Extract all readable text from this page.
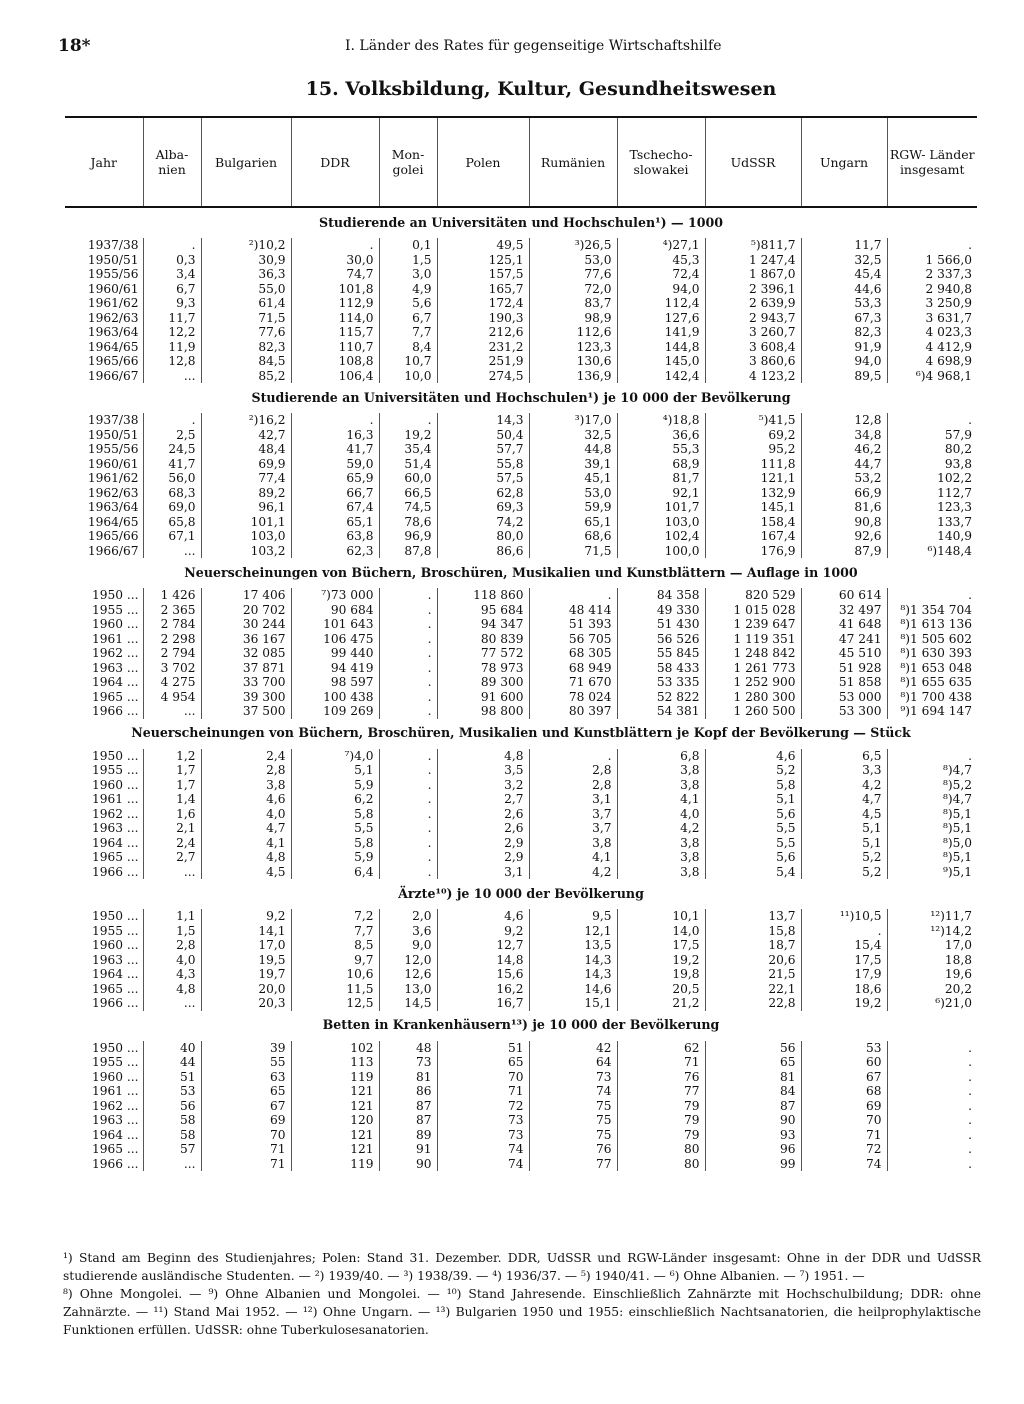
18*	I. Länder des Rates für gegenseitige Wirtschaftshilfe
15. Volksbildung, Kultur, Gesundheitswesen
Jahr	Alba- nien	Bulgarien	DDR	Mon- golei	Polen	Rumänien	Tschecho- slowakei	UdSSR	Ungarn	RGW- Länder insgesamt
Studierende an Universitäten und Hochschulen¹) — 1000										
1937/38	.	²)10,2	.	0,1	49,5	³)26,5	⁴)27,1	⁵)811,7	11,7	.
1950/51	0,3	30,9	30,0	1,5	125,1	53,0	45,3	1 247,4	32,5	1 566,0
1955/56	3,4	36,3	74,7	3,0	157,5	77,6	72,4	1 867,0	45,4	2 337,3
1960/61	6,7	55,0	101,8	4,9	165,7	72,0	94,0	2 396,1	44,6	2 940,8
1961/62	9,3	61,4	112,9	5,6	172,4	83,7	112,4	2 639,9	53,3	3 250,9
1962/63	11,7	71,5	114,0	6,7	190,3	98,9	127,6	2 943,7	67,3	3 631,7
1963/64	12,2	77,6	115,7	7,7	212,6	112,6	141,9	3 260,7	82,3	4 023,3
1964/65	11,9	82,3	110,7	8,4	231,2	123,3	144,8	3 608,4	91,9	4 412,9
1965/66	12,8	84,5	108,8	10,7	251,9	130,6	145,0	3 860,6	94,0	4 698,9
1966/67	...	85,2	106,4	10,0	274,5	136,9	142,4	4 123,2	89,5	⁶)4 968,1
Studierende an Universitäten und Hochschulen¹) je 10 000 der Bevölkerung										
1937/38	.	²)16,2	.	.	14,3	³)17,0	⁴)18,8	⁵)41,5	12,8	.
1950/51	2,5	42,7	16,3	19,2	50,4	32,5	36,6	69,2	34,8	57,9
1955/56	24,5	48,4	41,7	35,4	57,7	44,8	55,3	95,2	46,2	80,2
1960/61	41,7	69,9	59,0	51,4	55,8	39,1	68,9	111,8	44,7	93,8
1961/62	56,0	77,4	65,9	60,0	57,5	45,1	81,7	121,1	53,2	102,2
1962/63	68,3	89,2	66,7	66,5	62,8	53,0	92,1	132,9	66,9	112,7
1963/64	69,0	96,1	67,4	74,5	69,3	59,9	101,7	145,1	81,6	123,3
1964/65	65,8	101,1	65,1	78,6	74,2	65,1	103,0	158,4	90,8	133,7
1965/66	67,1	103,0	63,8	96,9	80,0	68,6	102,4	167,4	92,6	140,9
1966/67	...	103,2	62,3	87,8	86,6	71,5	100,0	176,9	87,9	⁶)148,4
Neuerscheinungen von Büchern, Broschüren, Musikalien und Kunstblättern — Auflage in 1000										
1950 ...	1 426	17 406	⁷)73 000	.	118 860	.	84 358	820 529	60 614	.
1955 ...	2 365	20 702	90 684	.	95 684	48 414	49 330	1 015 028	32 497	⁸)1 354 704
1960 ...	2 784	30 244	101 643	.	94 347	51 393	51 430	1 239 647	41 648	⁸)1 613 136
1961 ...	2 298	36 167	106 475	.	80 839	56 705	56 526	1 119 351	47 241	⁸)1 505 602
1962 ...	2 794	32 085	99 440	.	77 572	68 305	55 845	1 248 842	45 510	⁸)1 630 393
1963 ...	3 702	37 871	94 419	.	78 973	68 949	58 433	1 261 773	51 928	⁸)1 653 048
1964 ...	4 275	33 700	98 597	.	89 300	71 670	53 335	1 252 900	51 858	⁸)1 655 635
1965 ...	4 954	39 300	100 438	.	91 600	78 024	52 822	1 280 300	53 000	⁸)1 700 438
1966 ...	...	37 500	109 269	.	98 800	80 397	54 381	1 260 500	53 300	⁹)1 694 147
Neuerscheinungen von Büchern, Broschüren, Musikalien und Kunstblättern je Kopf der Bevölkerung — Stück										
1950 ...	1,2	2,4	⁷)4,0	.	4,8	.	6,8	4,6	6,5	.
1955 ...	1,7	2,8	5,1	.	3,5	2,8	3,8	5,2	3,3	⁸)4,7
1960 ...	1,7	3,8	5,9	.	3,2	2,8	3,8	5,8	4,2	⁸)5,2
1961 ...	1,4	4,6	6,2	.	2,7	3,1	4,1	5,1	4,7	⁸)4,7
1962 ...	1,6	4,0	5,8	.	2,6	3,7	4,0	5,6	4,5	⁸)5,1
1963 ...	2,1	4,7	5,5	.	2,6	3,7	4,2	5,5	5,1	⁸)5,1
1964 ...	2,4	4,1	5,8	.	2,9	3,8	3,8	5,5	5,1	⁸)5,0
1965 ...	2,7	4,8	5,9	.	2,9	4,1	3,8	5,6	5,2	⁸)5,1
1966 ...	...	4,5	6,4	.	3,1	4,2	3,8	5,4	5,2	⁹)5,1
Ärzte¹⁰) je 10 000 der Bevölkerung										
1950 ...	1,1	9,2	7,2	2,0	4,6	9,5	10,1	13,7	¹¹)10,5	¹²)11,7
1955 ...	1,5	14,1	7,7	3,6	9,2	12,1	14,0	15,8	.	¹²)14,2
1960 ...	2,8	17,0	8,5	9,0	12,7	13,5	17,5	18,7	15,4	17,0
1963 ...	4,0	19,5	9,7	12,0	14,8	14,3	19,2	20,6	17,5	18,8
1964 ...	4,3	19,7	10,6	12,6	15,6	14,3	19,8	21,5	17,9	19,6
1965 ...	4,8	20,0	11,5	13,0	16,2	14,6	20,5	22,1	18,6	20,2
1966 ...	...	20,3	12,5	14,5	16,7	15,1	21,2	22,8	19,2	⁶)21,0
Betten in Krankenhäusern¹³) je 10 000 der Bevölkerung										
1950 ...	40	39	102	48	51	42	62	56	53	.
1955 ...	44	55	113	73	65	64	71	65	60	.
1960 ...	51	63	119	81	70	73	76	81	67	.
1961 ...	53	65	121	86	71	74	77	84	68	.
1962 ...	56	67	121	87	72	75	79	87	69	.
1963 ...	58	69	120	87	73	75	79	90	70	.
1964 ...	58	70	121	89	73	75	79	93	71	.
1965 ...	57	71	121	91	74	76	80	96	72	.
1966 ...	...	71	119	90	74	77	80	99	74	.

¹) Stand am Beginn des Studienjahres; Polen: Stand 31. Dezember. DDR, UdSSR und RGW-Länder insgesamt: Ohne in der DDR und UdSSR studierende ausländische Studenten. — ²) 1939/40. — ³) 1938/39. — ⁴) 1936/37. — ⁵) 1940/41. — ⁶) Ohne Albanien. — ⁷) 1951. —

⁸) Ohne Mongolei. — ⁹) Ohne Albanien und Mongolei. — ¹⁰) Stand Jahresende. Einschließlich Zahnärzte mit Hochschulbildung; DDR: ohne Zahnärzte. — ¹¹) Stand Mai 1952. — ¹²) Ohne Ungarn. — ¹³) Bulgarien 1950 und 1955: einschließlich Nachtsanatorien, die heilprophylaktische Funktionen erfüllen. UdSSR: ohne Tuberkulosesanatorien.
